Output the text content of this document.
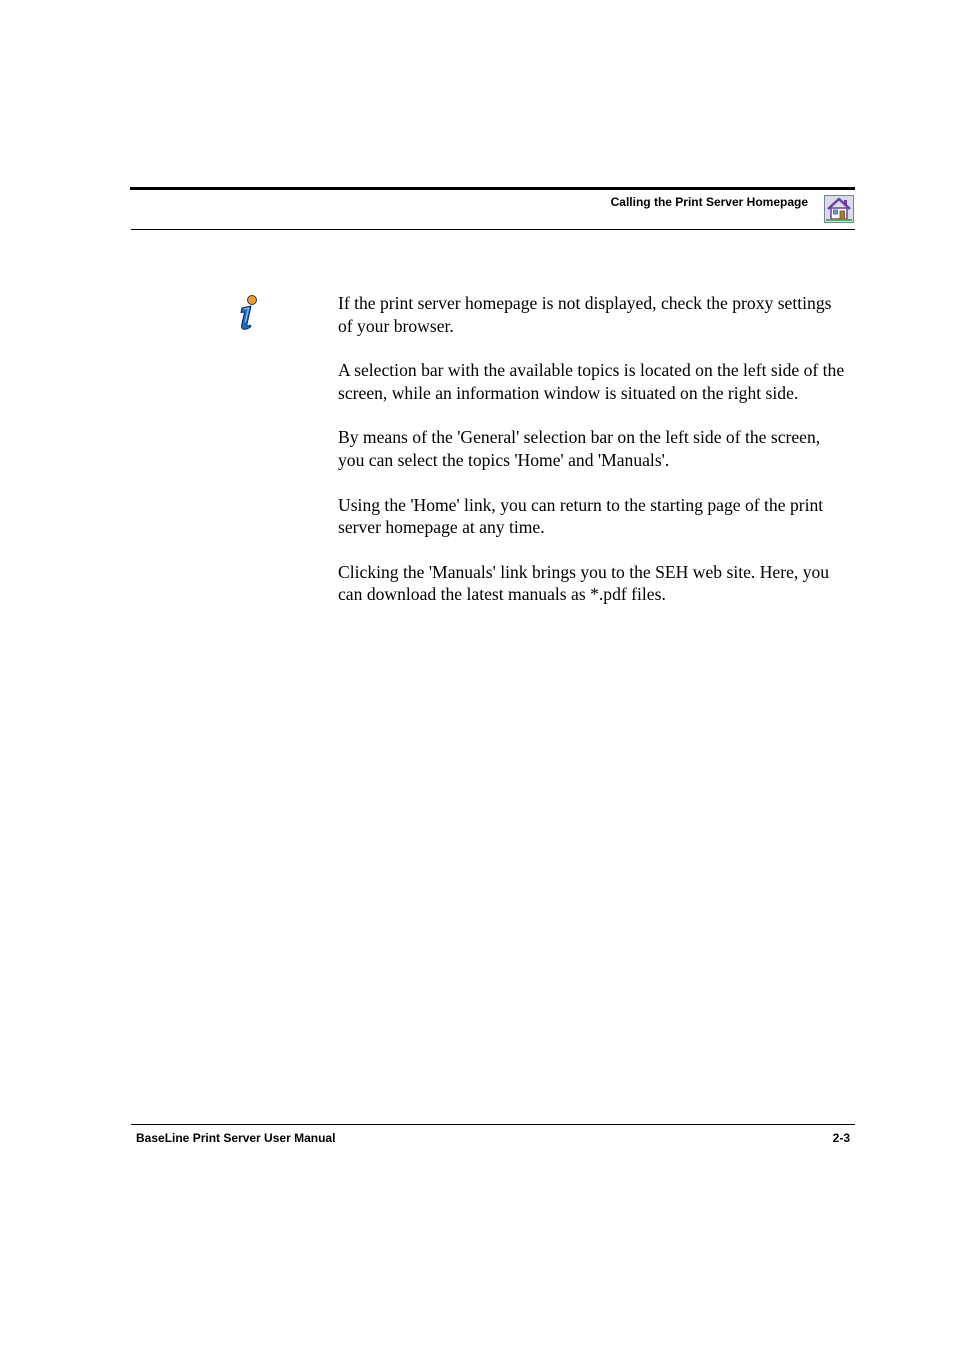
Calling the Print Server Homepage

If the print server homepage is not displayed, check the proxy settings of your browser.

A selection bar with the available topics is located on the left side of the screen, while an information window is situated on the right side.

By means of the 'General' selection bar on the left side of the screen, you can select the topics 'Home' and 'Manuals'.

Using the 'Home' link, you can return to the starting page of the print server homepage at any time.

Clicking the 'Manuals' link brings you to the SEH web site. Here, you can download the latest manuals as *.pdf files.

BaseLine Print Server User Manual	2-3
